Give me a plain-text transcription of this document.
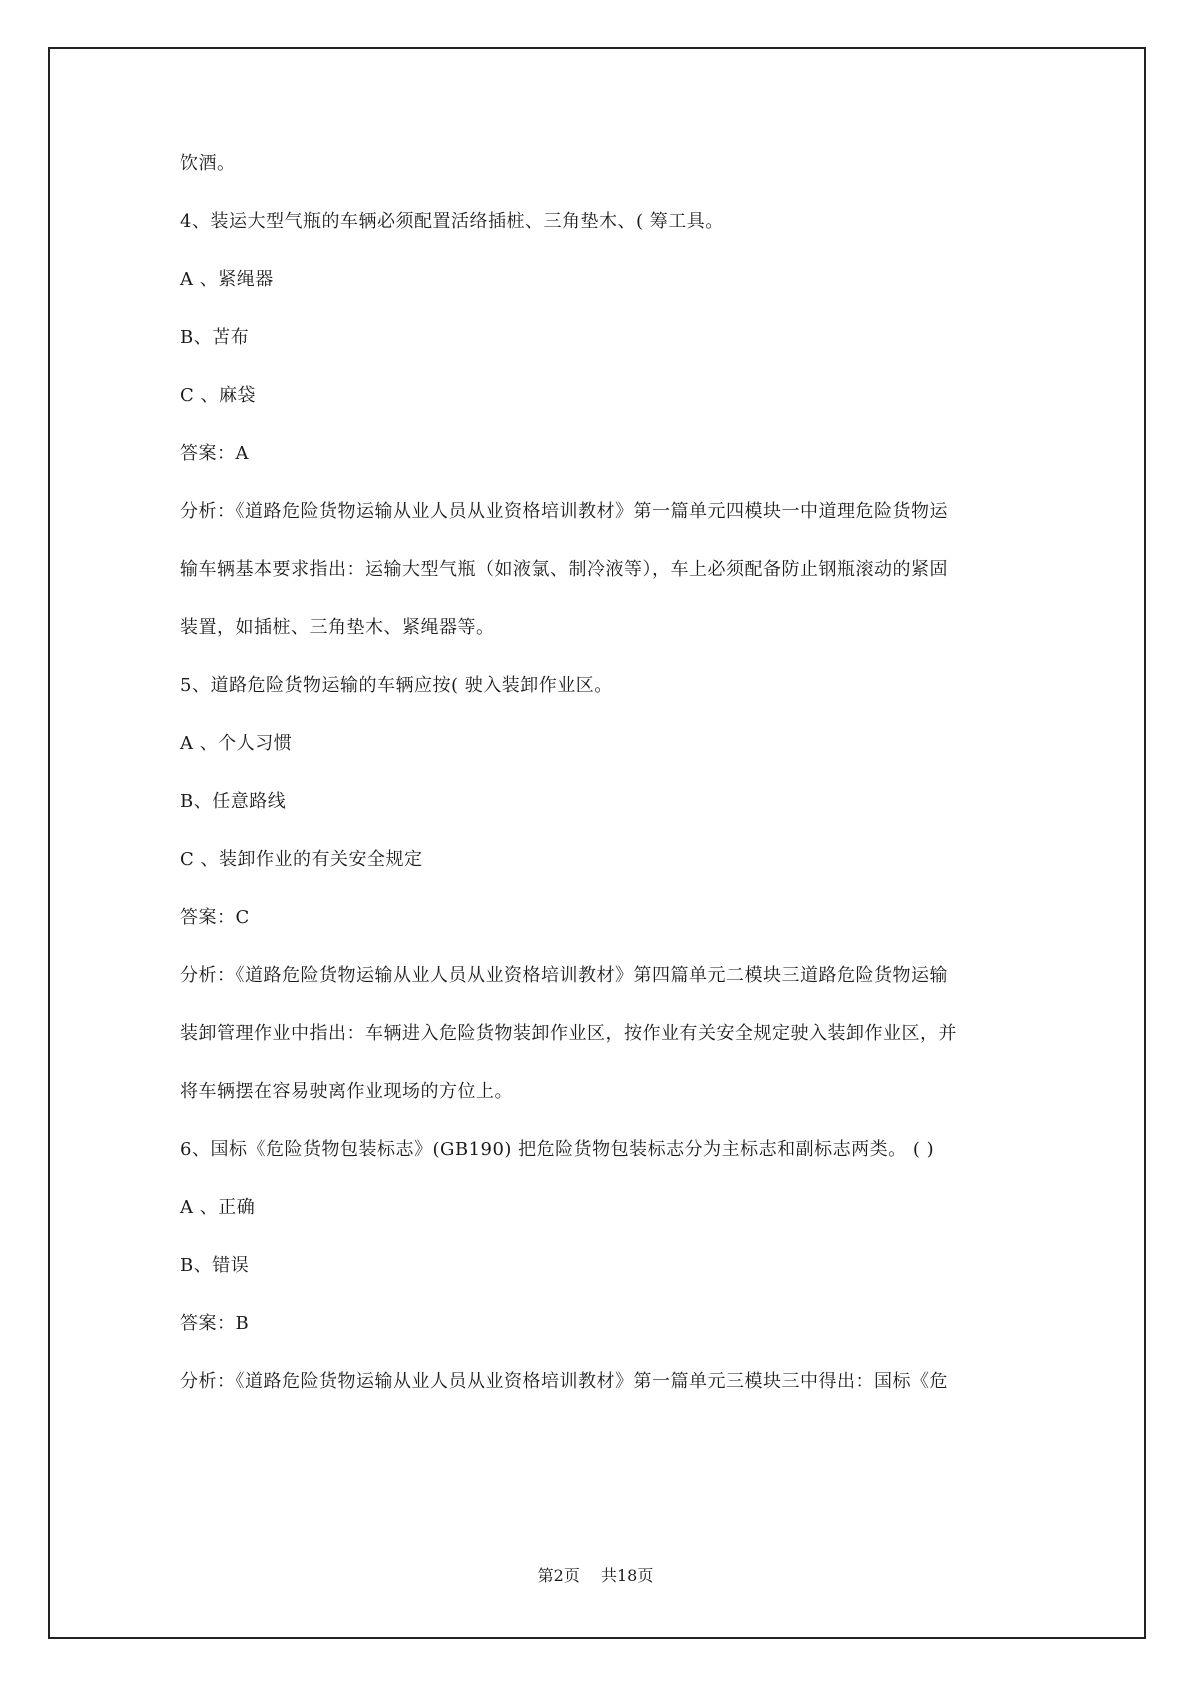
饮酒。
4、装运大型气瓶的车辆必须配置活络插桩、三角垫木、( 筹工具。
A 、紧绳器
B、苫布
C 、麻袋
答案：A
分析：《道路危险货物运输从业人员从业资格培训教材》第一篇单元四模块一中道理危险货物运
输车辆基本要求指出：运输大型气瓶（如液氯、制冷液等），车上必须配备防止钢瓶滚动的紧固
装置，如插桩、三角垫木、紧绳器等。
5、道路危险货物运输的车辆应按( 驶入装卸作业区。
A 、个人习惯
B、任意路线
C 、装卸作业的有关安全规定
答案：C
分析：《道路危险货物运输从业人员从业资格培训教材》第四篇单元二模块三道路危险货物运输
装卸管理作业中指出：车辆进入危险货物装卸作业区，按作业有关安全规定驶入装卸作业区，并
将车辆摆在容易驶离作业现场的方位上。
6、国标《危险货物包装标志》(GB190) 把危险货物包装标志分为主标志和副标志两类。 ( )
A 、正确
B、错误
答案：B
分析：《道路危险货物运输从业人员从业资格培训教材》第一篇单元三模块三中得出：国标《危
第2页 共18页
